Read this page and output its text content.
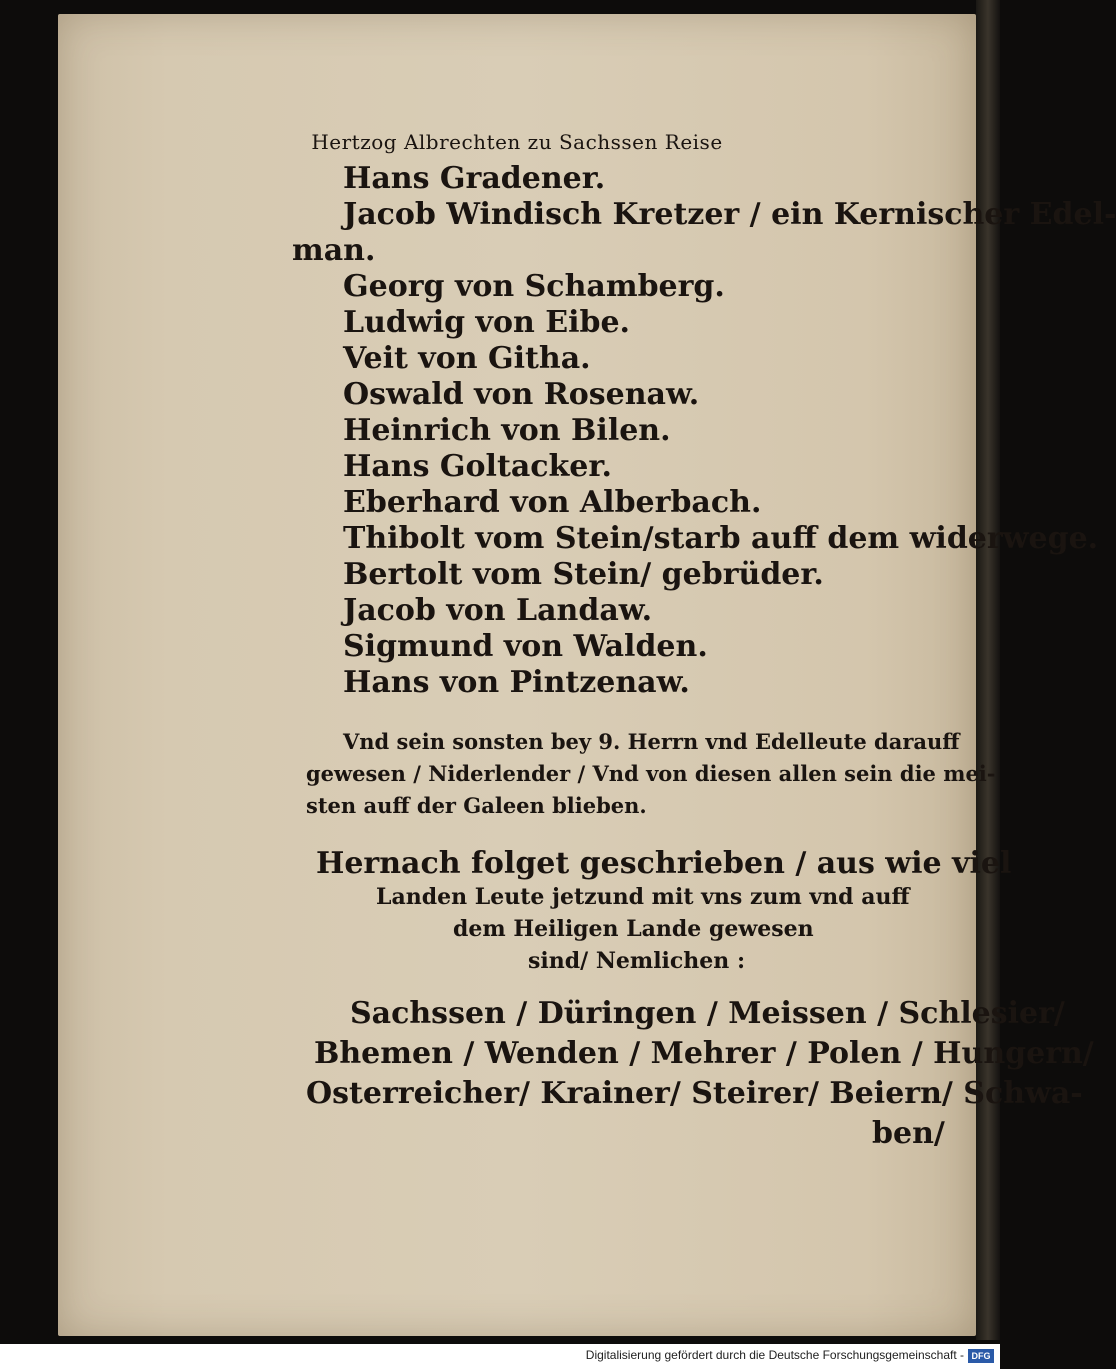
Hertzog Albrechten zu Sachssen Reise
Hans Gradener.
Jacob Windisch Kretzer / ein Kernischer Edel-
man.
Georg von Schamberg.
Ludwig von Eibe.
Veit von Githa.
Oswald von Rosenaw.
Heinrich von Bilen.
Hans Goltacker.
Eberhard von Alberbach.
Thibolt vom Stein/starb auff dem widerwege.
Bertolt vom Stein/ gebrüder.
Jacob von Landaw.
Sigmund von Walden.
Hans von Pintzenaw.
Vnd sein sonsten bey 9. Herrn vnd Edelleute darauff
gewesen / Niderlender / Vnd von diesen allen sein die mei-
sten auff der Galeen blieben.
Hernach folget geschrieben / aus wie viel
Landen Leute jetzund mit vns zum vnd auff
dem Heiligen Lande gewesen
sind/ Nemlichen :
Sachssen / Düringen / Meissen / Schlesier/
Bhemen / Wenden / Mehrer / Polen / Hungern/
Osterreicher/ Krainer/ Steirer/ Beiern/ Schwa-
ben/
Digitalisierung gefördert durch die Deutsche Forschungsgemeinschaft - DFG
